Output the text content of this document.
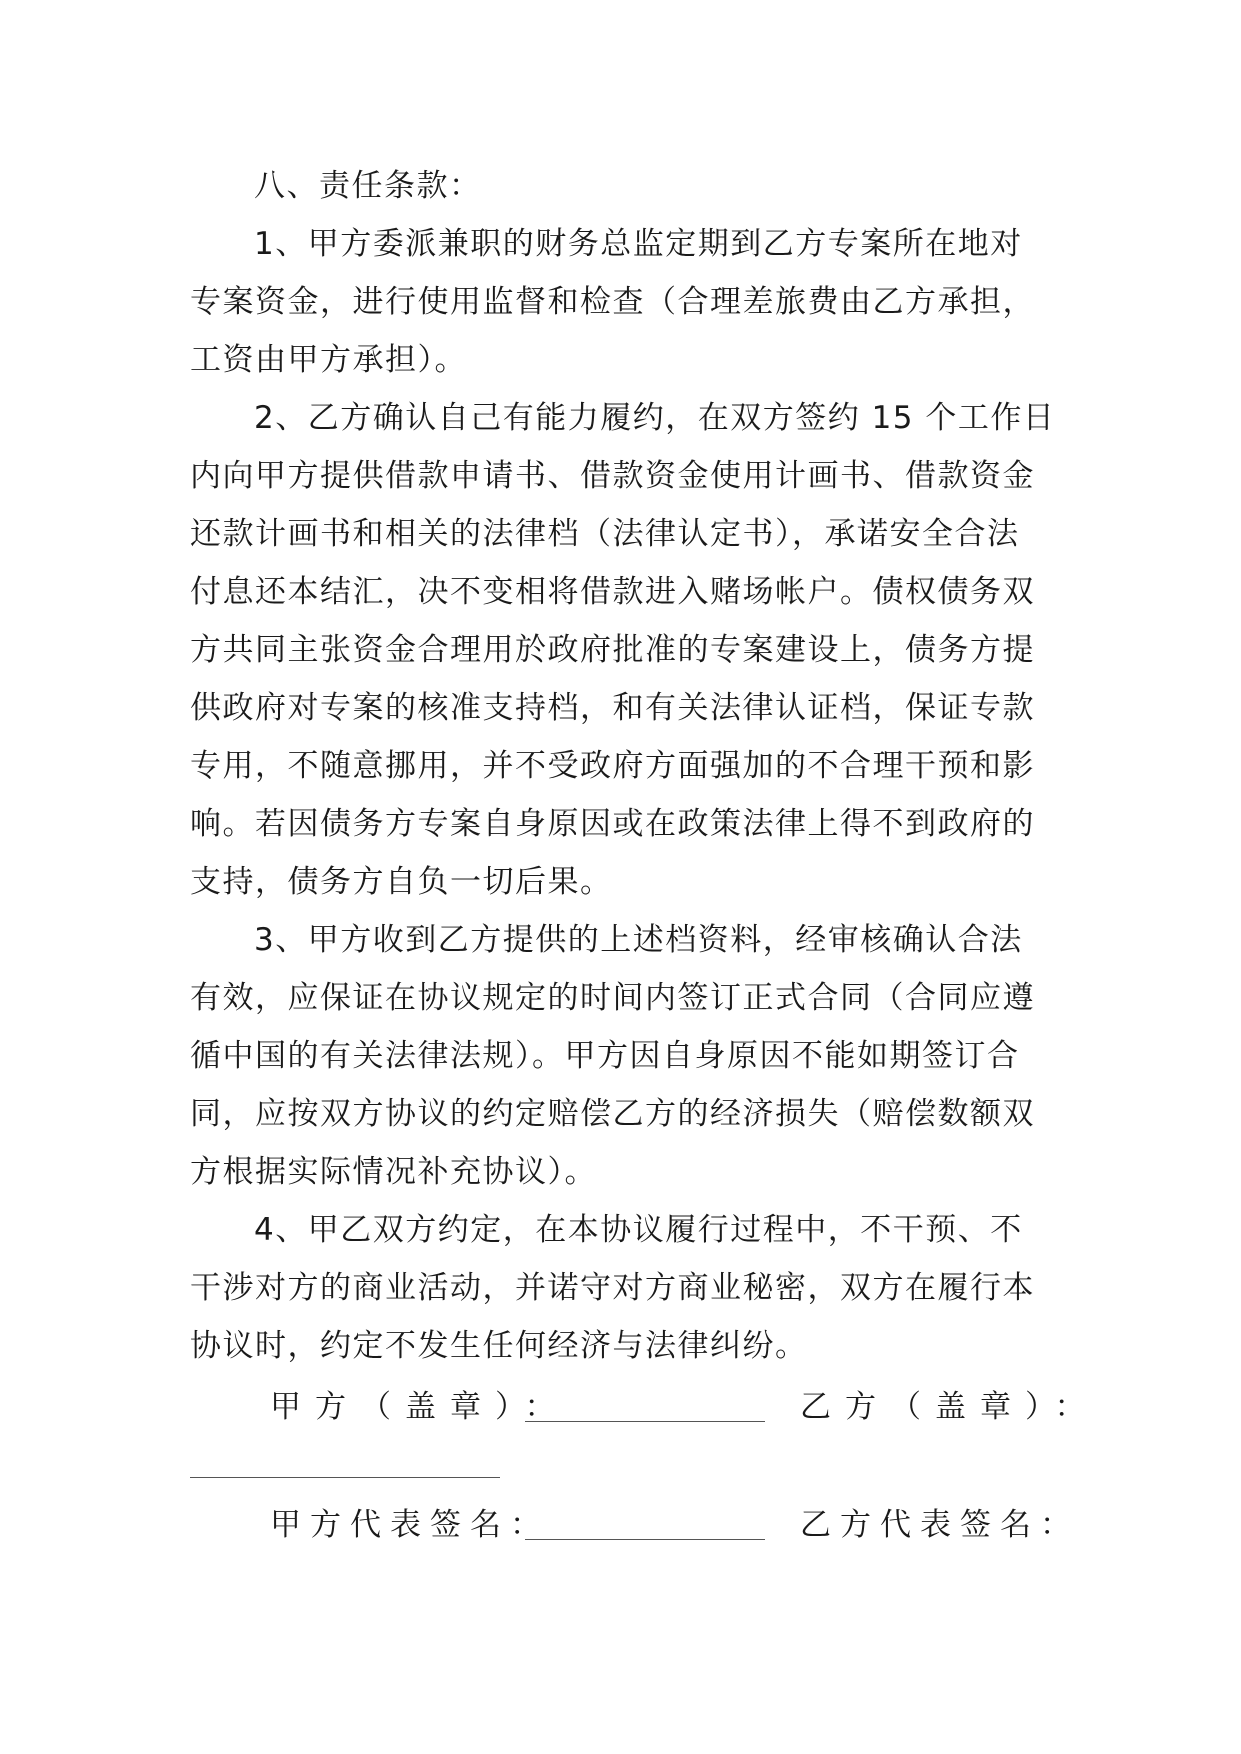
八、责任条款：
1、甲方委派兼职的财务总监定期到乙方专案所在地对
专案资金，进行使用监督和检查（合理差旅费由乙方承担，
工资由甲方承担）。
2、乙方确认自己有能力履约，在双方签约 15 个工作日
内向甲方提供借款申请书、借款资金使用计画书、借款资金
还款计画书和相关的法律档（法律认定书），承诺安全合法
付息还本结汇，决不变相将借款进入赌场帐户。债权债务双
方共同主张资金合理用於政府批准的专案建设上，债务方提
供政府对专案的核准支持档，和有关法律认证档，保证专款
专用，不随意挪用，并不受政府方面强加的不合理干预和影
响。若因债务方专案自身原因或在政策法律上得不到政府的
支持，债务方自负一切后果。
3、甲方收到乙方提供的上述档资料，经审核确认合法
有效，应保证在协议规定的时间内签订正式合同（合同应遵
循中国的有关法律法规）。甲方因自身原因不能如期签订合
同，应按双方协议的约定赔偿乙方的经济损失（赔偿数额双
方根据实际情况补充协议）。
4、甲乙双方约定，在本协议履行过程中，不干预、不
干涉对方的商业活动，并诺守对方商业秘密，双方在履行本
协议时，约定不发生任何经济与法律纠纷。
甲方（盖章）：	乙方（盖章）：
甲方代表签名：	乙方代表签名：
